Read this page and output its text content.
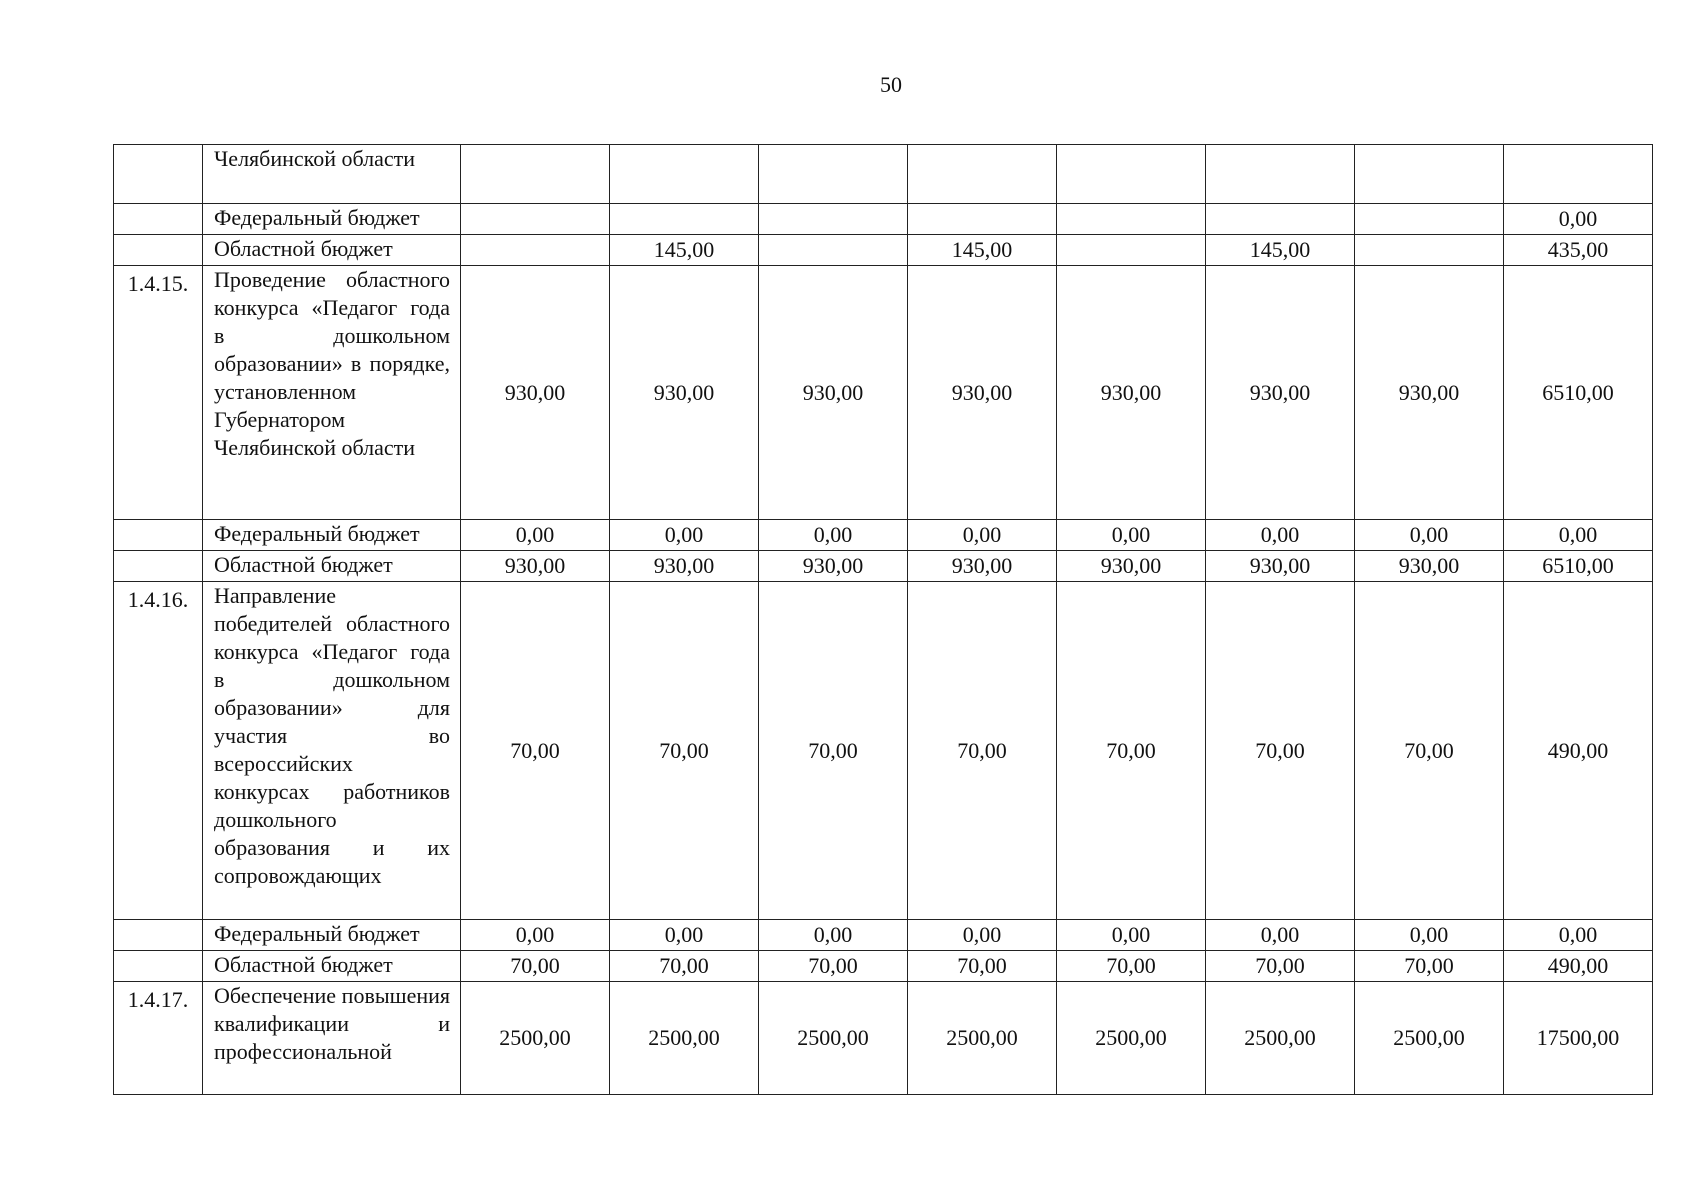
50
	Челябинской области								
	Федеральный бюджет								0,00
	Областной бюджет		145,00		145,00		145,00		435,00
1.4.15.	Проведение областного конкурса «Педагог года в дошкольном образовании» в порядке, установленном Губернатором Челябинской области	930,00	930,00	930,00	930,00	930,00	930,00	930,00	6510,00
	Федеральный бюджет	0,00	0,00	0,00	0,00	0,00	0,00	0,00	0,00
	Областной бюджет	930,00	930,00	930,00	930,00	930,00	930,00	930,00	6510,00
1.4.16.	Направление победителей областного конкурса «Педагог года в дошкольном образовании» для участия во всероссийских конкурсах работников дошкольного образования и их сопровождающих	70,00	70,00	70,00	70,00	70,00	70,00	70,00	490,00
	Федеральный бюджет	0,00	0,00	0,00	0,00	0,00	0,00	0,00	0,00
	Областной бюджет	70,00	70,00	70,00	70,00	70,00	70,00	70,00	490,00
1.4.17.	Обеспечение повышения квалификации и профессиональной	2500,00	2500,00	2500,00	2500,00	2500,00	2500,00	2500,00	17500,00
